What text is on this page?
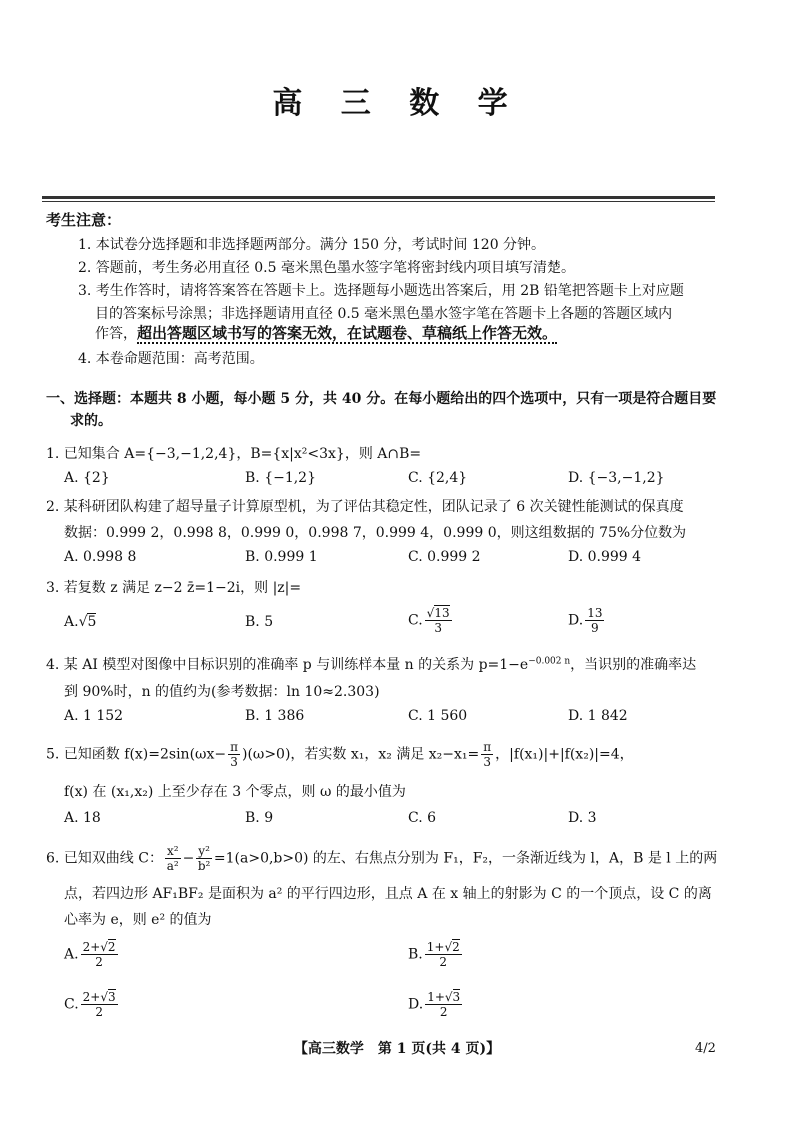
高 三 数 学
考生注意：
1. 本试卷分选择题和非选择题两部分。满分 150 分，考试时间 120 分钟。
2. 答题前，考生务必用直径 0.5 毫米黑色墨水签字笔将密封线内项目填写清楚。
3. 考生作答时，请将答案答在答题卡上。选择题每小题选出答案后，用 2B 铅笔把答题卡上对应题
目的答案标号涂黑；非选择题请用直径 0.5 毫米黑色墨水签字笔在答题卡上各题的答题区域内
作答，超出答题区域书写的答案无效，在试题卷、草稿纸上作答无效。
4. 本卷命题范围：高考范围。
一、选择题：本题共 8 小题，每小题 5 分，共 40 分。在每小题给出的四个选项中，只有一项是符合题目要
求的。
1. 已知集合 A={−3,−1,2,4}，B={x|x²<3x}，则 A∩B=
A. {2}	B. {−1,2}	C. {2,4}	D. {−3,−1,2}
2. 某科研团队构建了超导量子计算原型机，为了评估其稳定性，团队记录了 6 次关键性能测试的保真度
数据：0.999 2，0.998 8，0.999 0，0.998 7，0.999 4，0.999 0，则这组数据的 75%分位数为
A. 0.998 8	B. 0.999 1	C. 0.999 2	D. 0.999 4
3. 若复数 z 满足 z−2 z̄=1−2i，则 |z|=
A.√5	B. 5	C. $\frac{√13}{3}$	D. $\frac{13}{9}$
4. 某 AI 模型对图像中目标识别的准确率 p 与训练样本量 n 的关系为 $p=1-e^{-0.002 n}$，当识别的准确率达
到 90%时，n 的值约为(参考数据：ln 10≈2.303)
A. 1 152	B. 1 386	C. 1 560	D. 1 842
5. 已知函数 $f(x)=2\sin(\omega x- \frac{\pi}{3} )(\omega>0)$，若实数 x₁，x₂ 满足 $x_2-x_1= \frac{\pi}{3}$ ，|f(x₁)|+|f(x₂)|=4，
f(x) 在 (x₁,x₂) 上至少存在 3 个零点，则 ω 的最小值为
A. 18	B. 9	C. 6	D. 3
6. 已知双曲线 C： $\frac{\text{x²}}{\text{a²}} - \frac{\text{y²}}{\text{b²}} =1(a>0,b>0)$ 的左、右焦点分别为 F₁，F₂，一条渐近线为 l，A，B 是 l 上的两
点，若四边形 AF₁BF₂ 是面积为 a² 的平行四边形，且点 A 在 x 轴上的射影为 C 的一个顶点，设 C 的离
心率为 e，则 e² 的值为
A. $\frac{2+√2}{2}$	B. $\frac{1+√2}{2}$
C. $\frac{2+√3}{2}$	D. $\frac{1+√3}{2}$
【高三数学　第 1 页(共 4 页)】	4/2
